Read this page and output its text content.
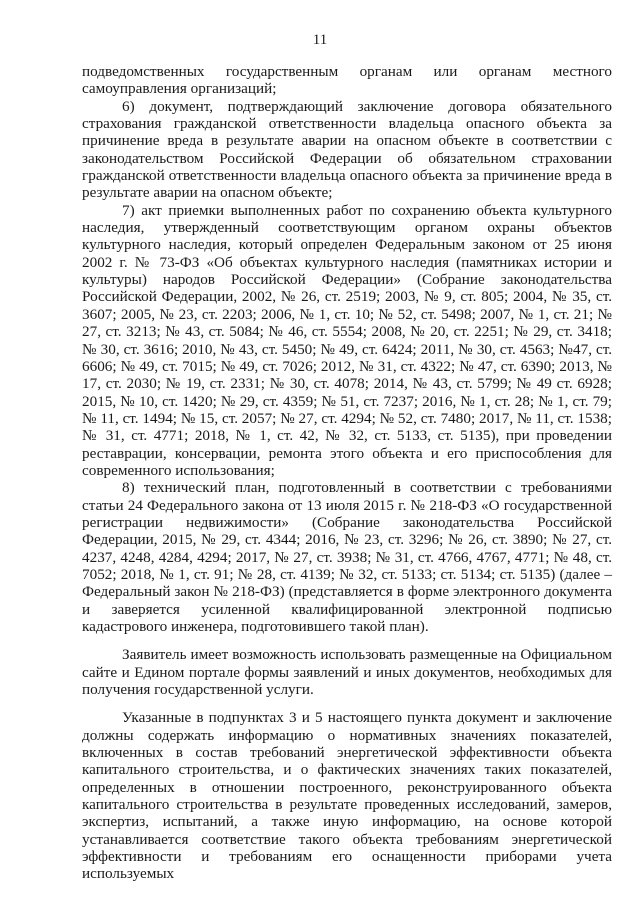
11

подведомственных государственным органам или органам местного самоуправления организаций;

6) документ, подтверждающий заключение договора обязательного страхования гражданской ответственности владельца опасного объекта за причинение вреда в результате аварии на опасном объекте в соответствии с законодательством Российской Федерации об обязательном страховании гражданской ответственности владельца опасного объекта за причинение вреда в результате аварии на опасном объекте;

7) акт приемки выполненных работ по сохранению объекта культурного наследия, утвержденный соответствующим органом охраны объектов культурного наследия, который определен Федеральным законом от 25 июня 2002 г. № 73-ФЗ «Об объектах культурного наследия (памятниках истории и культуры) народов Российской Федерации» (Собрание законодательства Российской Федерации, 2002, № 26, ст. 2519; 2003, № 9, ст. 805; 2004, № 35, ст. 3607; 2005, № 23, ст. 2203; 2006, № 1, ст. 10; № 52, ст. 5498; 2007, № 1, ст. 21; № 27, ст. 3213; № 43, ст. 5084; № 46, ст. 5554; 2008, № 20, ст. 2251; № 29, ст. 3418; № 30, ст. 3616; 2010, № 43, ст. 5450; № 49, ст. 6424; 2011, № 30, ст. 4563; №47, ст. 6606; № 49, ст. 7015; № 49, ст. 7026; 2012, № 31, ст. 4322; № 47, ст. 6390; 2013, № 17, ст. 2030; № 19, ст. 2331; № 30, ст. 4078; 2014, № 43, ст. 5799; № 49 ст. 6928; 2015, № 10, ст. 1420; № 29, ст. 4359; № 51, ст. 7237; 2016, № 1, ст. 28; № 1, ст. 79; № 11, ст. 1494; № 15, ст. 2057; № 27, ст. 4294; № 52, ст. 7480; 2017, № 11, ст. 1538; № 31, ст. 4771; 2018, № 1, ст. 42, № 32, ст. 5133, ст. 5135), при проведении реставрации, консервации, ремонта этого объекта и его приспособления для современного использования;

8) технический план, подготовленный в соответствии с требованиями статьи 24 Федерального закона от 13 июля 2015 г. № 218-ФЗ «О государственной регистрации недвижимости» (Собрание законодательства Российской Федерации, 2015, № 29, ст. 4344; 2016, № 23, ст. 3296; № 26, ст. 3890; № 27, ст. 4237, 4248, 4284, 4294; 2017, № 27, ст. 3938; № 31, ст. 4766, 4767, 4771; № 48, ст. 7052; 2018, № 1, ст. 91; № 28, ст. 4139; № 32, ст. 5133; ст. 5134; ст. 5135) (далее – Федеральный закон № 218-ФЗ) (представляется в форме электронного документа и заверяется усиленной квалифицированной электронной подписью кадастрового инженера, подготовившего такой план).

Заявитель имеет возможность использовать размещенные на Официальном сайте и Едином портале формы заявлений и иных документов, необходимых для получения государственной услуги.

Указанные в подпунктах 3 и 5 настоящего пункта документ и заключение должны содержать информацию о нормативных значениях показателей, включенных в состав требований энергетической эффективности объекта капитального строительства, и о фактических значениях таких показателей, определенных в отношении построенного, реконструированного объекта капитального строительства в результате проведенных исследований, замеров, экспертиз, испытаний, а также иную информацию, на основе которой устанавливается соответствие такого объекта требованиям энергетической эффективности и требованиям его оснащенности приборами учета используемых
